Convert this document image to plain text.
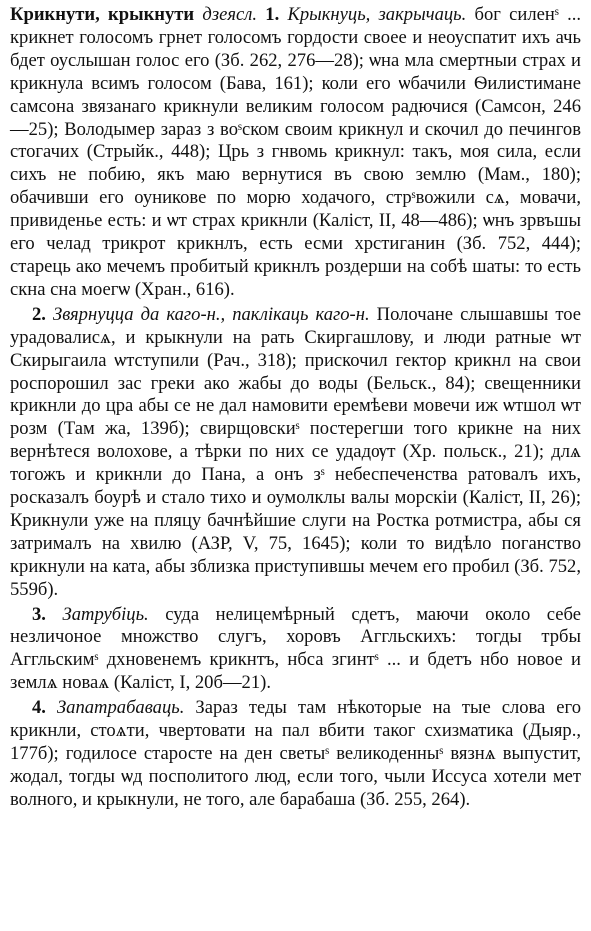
Крикнути, крыкнути дзеясл. 1. Крыкнуць, закрычаць. бог силенˢ ... крикнет голосомъ грнет голосомъ гордости своее и неоуспатит ихъ ачь бдет оуслышан голос его (Зб. 262, 276—28); ѡна мла смертныи страх и крикнула всимъ голосом (Бава, 161); коли его ѡбачили Ѳилистимане самсона звязанаго крикнули великим голосом радючися (Самсон, 246—25); Володымер зараз з воˢском своим крикнул и скочил до печингов стогачих (Стрыйк., 448); Црь з гнвомь крикнул: такъ, моя сила, если сихъ не побию, якъ маю вернутися въ свою землю (Мам., 180); обачивши его оуникове по морю ходачого, стрˢвожили сѧ, мовачи, привиденье есть: и ѡт страх крикнли (Каліст, II, 48—486); ѡнъ зрвъшы его челад трикрот крикнлъ, есть есми хрстиганин (Зб. 752, 444); старець ако мечемъ пробитый крикнлъ роздерши на собѣ шаты: то есть скна сна моегѡ (Хран., 616).

2. Звярнуцца да каго-н., паклікаць каго-н. Полочане слышавшы тое урадовалисѧ, и крыкнули на рать Скиргашлову, и люди ратные ѡт Скирыгаила ѡтступили (Рач., 318); прискочил гектор крикнл на свои роспорошил зас греки ако жабы до воды (Бельск., 84); свещенники крикнли до цра абы се не дал намовити еремѣеви мовечи иж ѡтшол ѡт розм (Там жа, 139б); свирщовскиˢ постерегши того крикне на них вернѣтеся волохове, а тѣрки по них се удадѹт (Хр. польск., 21); длѧ тогожъ и крикнли до Пана, а онъ зˢ небеспеченства ратовалъ ихъ, росказалъ боурѣ и стало тихо и оумолклы валы морскіи (Каліст, II, 26); Крикнули уже на пляцу бачнѣйшие слуги на Ростка ротмистра, абы ся затрималъ на хвилю (АЗР, V, 75, 1645); коли то видѣло поганство крикнули на ката, абы зблизка приступившы мечем его пробил (Зб. 752, 559б).

3. Затрубіць. суда нелицемѣрный сдетъ, маючи около себе незличоное множство слугъ, хоровъ Аггльскихъ: тогды трбы Аггльскимˢ дхновенемъ крикнтъ, нбса згинтˢ ... и бдетъ нбо новое и землѧ новаѧ (Каліст, I, 20б—21).

4. Запатрабаваць. Зараз теды там нѣкоторые на тые слова его крикнли, стоѧти, чвертовати на пал вбити таког схизматика (Дыяр., 177б); годилосе старосте на ден светыˢ великоденныˢ вязнѧ выпустит, жодал, тогды ѡд посполитого люд, если того, чыли Иссуса хотели мет волного, и крыкнули, не того, але барабаша (Зб. 255, 264).
